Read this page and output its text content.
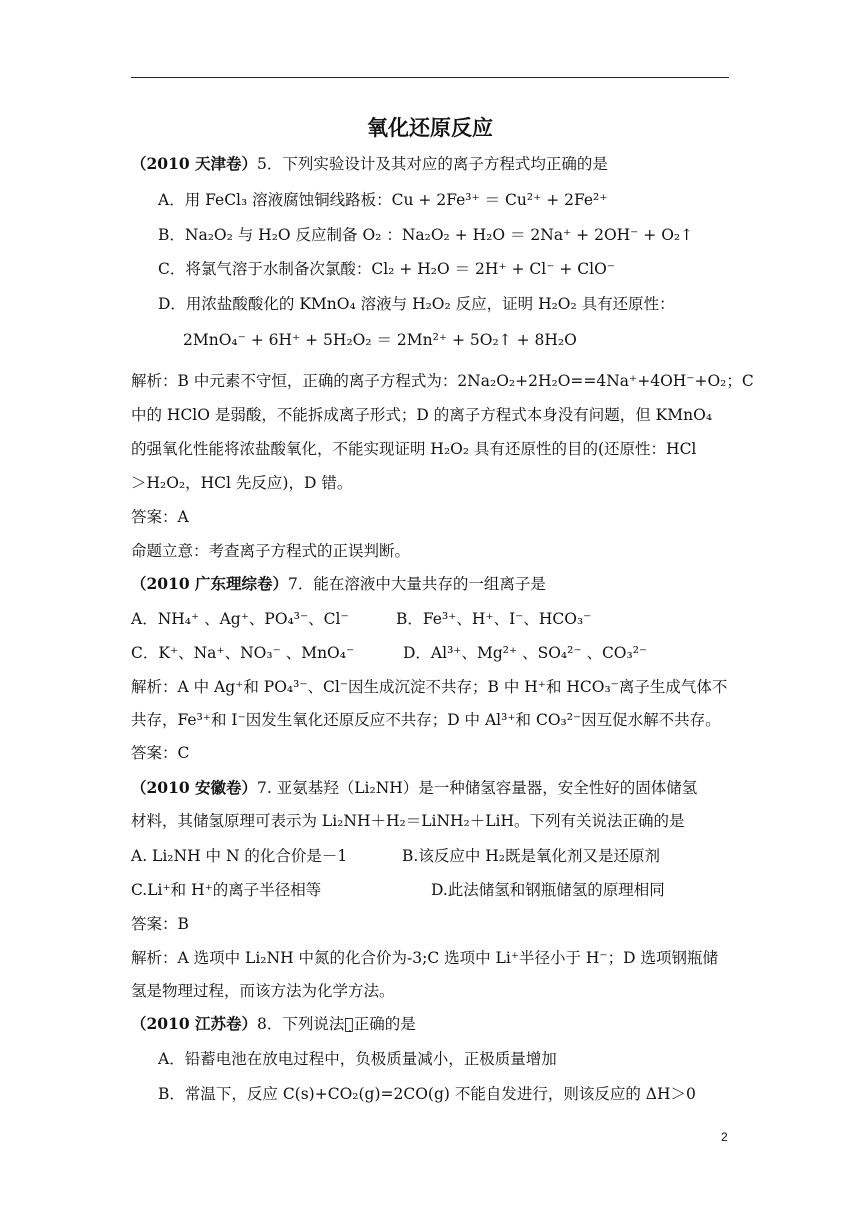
氧化还原反应
（2010 天津卷）5．下列实验设计及其对应的离子方程式均正确的是
A．用 FeCl₃ 溶液腐蚀铜线路板：Cu + 2Fe³⁺ ＝ Cu²⁺ + 2Fe²⁺
B．Na₂O₂ 与 H₂O 反应制备 O₂ ：Na₂O₂ + H₂O ＝ 2Na⁺ + 2OH⁻ + O₂↑
C．将氯气溶于水制备次氯酸：Cl₂ + H₂O ＝ 2H⁺ + Cl⁻ + ClO⁻
D．用浓盐酸酸化的 KMnO₄ 溶液与 H₂O₂ 反应，证明 H₂O₂ 具有还原性：
2MnO₄⁻ + 6H⁺ + 5H₂O₂ ＝ 2Mn²⁺ + 5O₂↑ + 8H₂O
解析：B 中元素不守恒，正确的离子方程式为：2Na₂O₂+2H₂O==4Na⁺+4OH⁻+O₂；C
中的 HClO 是弱酸，不能拆成离子形式；D 的离子方程式本身没有问题，但 KMnO₄
的强氧化性能将浓盐酸氧化，不能实现证明 H₂O₂ 具有还原性的目的(还原性：HCl
＞H₂O₂，HCl 先反应)，D 错。
答案：A
命题立意：考查离子方程式的正误判断。
（2010 广东理综卷）7．能在溶液中大量共存的一组离子是
A．NH₄⁺ 、Ag⁺、PO₄³⁻、Cl⁻	B．Fe³⁺、H⁺、I⁻、HCO₃⁻
C．K⁺、Na⁺、NO₃⁻ 、MnO₄⁻	D．Al³⁺、Mg²⁺ 、SO₄²⁻ 、CO₃²⁻
解析：A 中 Ag⁺和 PO₄³⁻、Cl⁻因生成沉淀不共存；B 中 H⁺和 HCO₃⁻离子生成气体不
共存，Fe³⁺和 I⁻因发生氧化还原反应不共存；D 中 Al³⁺和 CO₃²⁻因互促水解不共存。
答案：C
（2010 安徽卷）7. 亚氨基羟（Li₂NH）是一种储氢容量器，安全性好的固体储氢
材料，其储氢原理可表示为 Li₂NH＋H₂＝LiNH₂＋LiH。下列有关说法正确的是
A. Li₂NH 中 N 的化合价是－1	B.该反应中 H₂既是氧化剂又是还原剂
C.Li⁺和 H⁺的离子半径相等	D.此法储氢和钢瓶储氢的原理相同
答案：B
解析：A 选项中 Li₂NH 中氮的化合价为-3;C 选项中 Li⁺半径小于 H⁻；D 选项钢瓶储
氢是物理过程，而该方法为化学方法。
（2010 江苏卷）8．下列说法不̣正确的是
A．铅蓄电池在放电过程中，负极质量减小，正极质量增加
B．常温下，反应 C(s)+CO₂(g)=2CO(g) 不能自发进行，则该反应的 ΔH＞0
2
